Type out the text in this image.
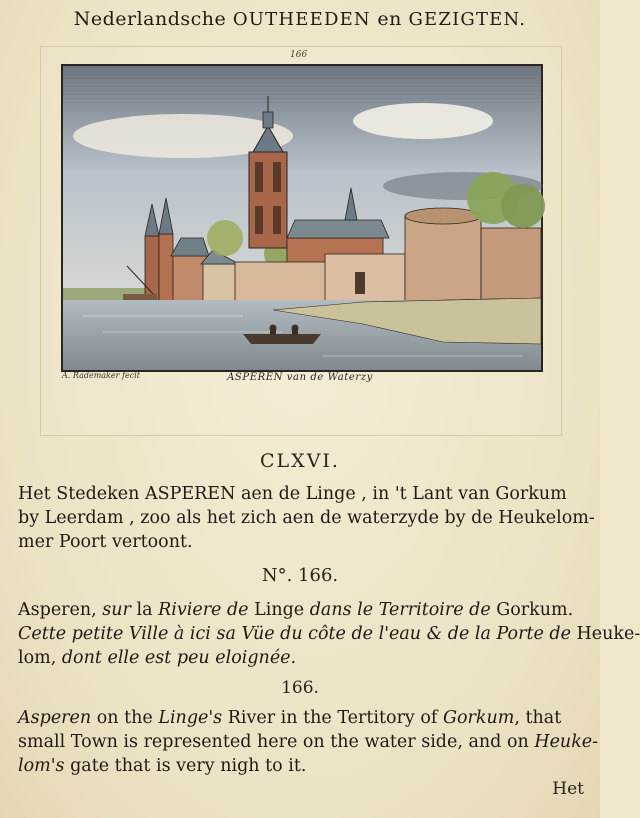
Nederlandsche OUTHEEDEN en GEZIGTEN.
166
A. Rademaker fecit	ASPEREN van de Waterzy
CLXVI.
Het Stedeken ASPEREN aen de Linge , in 't Lant van Gorkum
by Leerdam , zoo als het zich aen de waterzyde by de Heukelom-
mer Poort vertoont.
N°. 166.
Asperen, sur la Riviere de Linge dans le Territoire de Gorkum.
Cette petite Ville à ici sa Vüe du côte de l'eau & de la Porte de Heuke-
lom, dont elle est peu eloignée.
166.
Asperen on the Linge's River in the Tertitory of Gorkum, that
small Town is represented here on the water side, and on Heuke-
lom's gate that is very nigh to it.
Het
